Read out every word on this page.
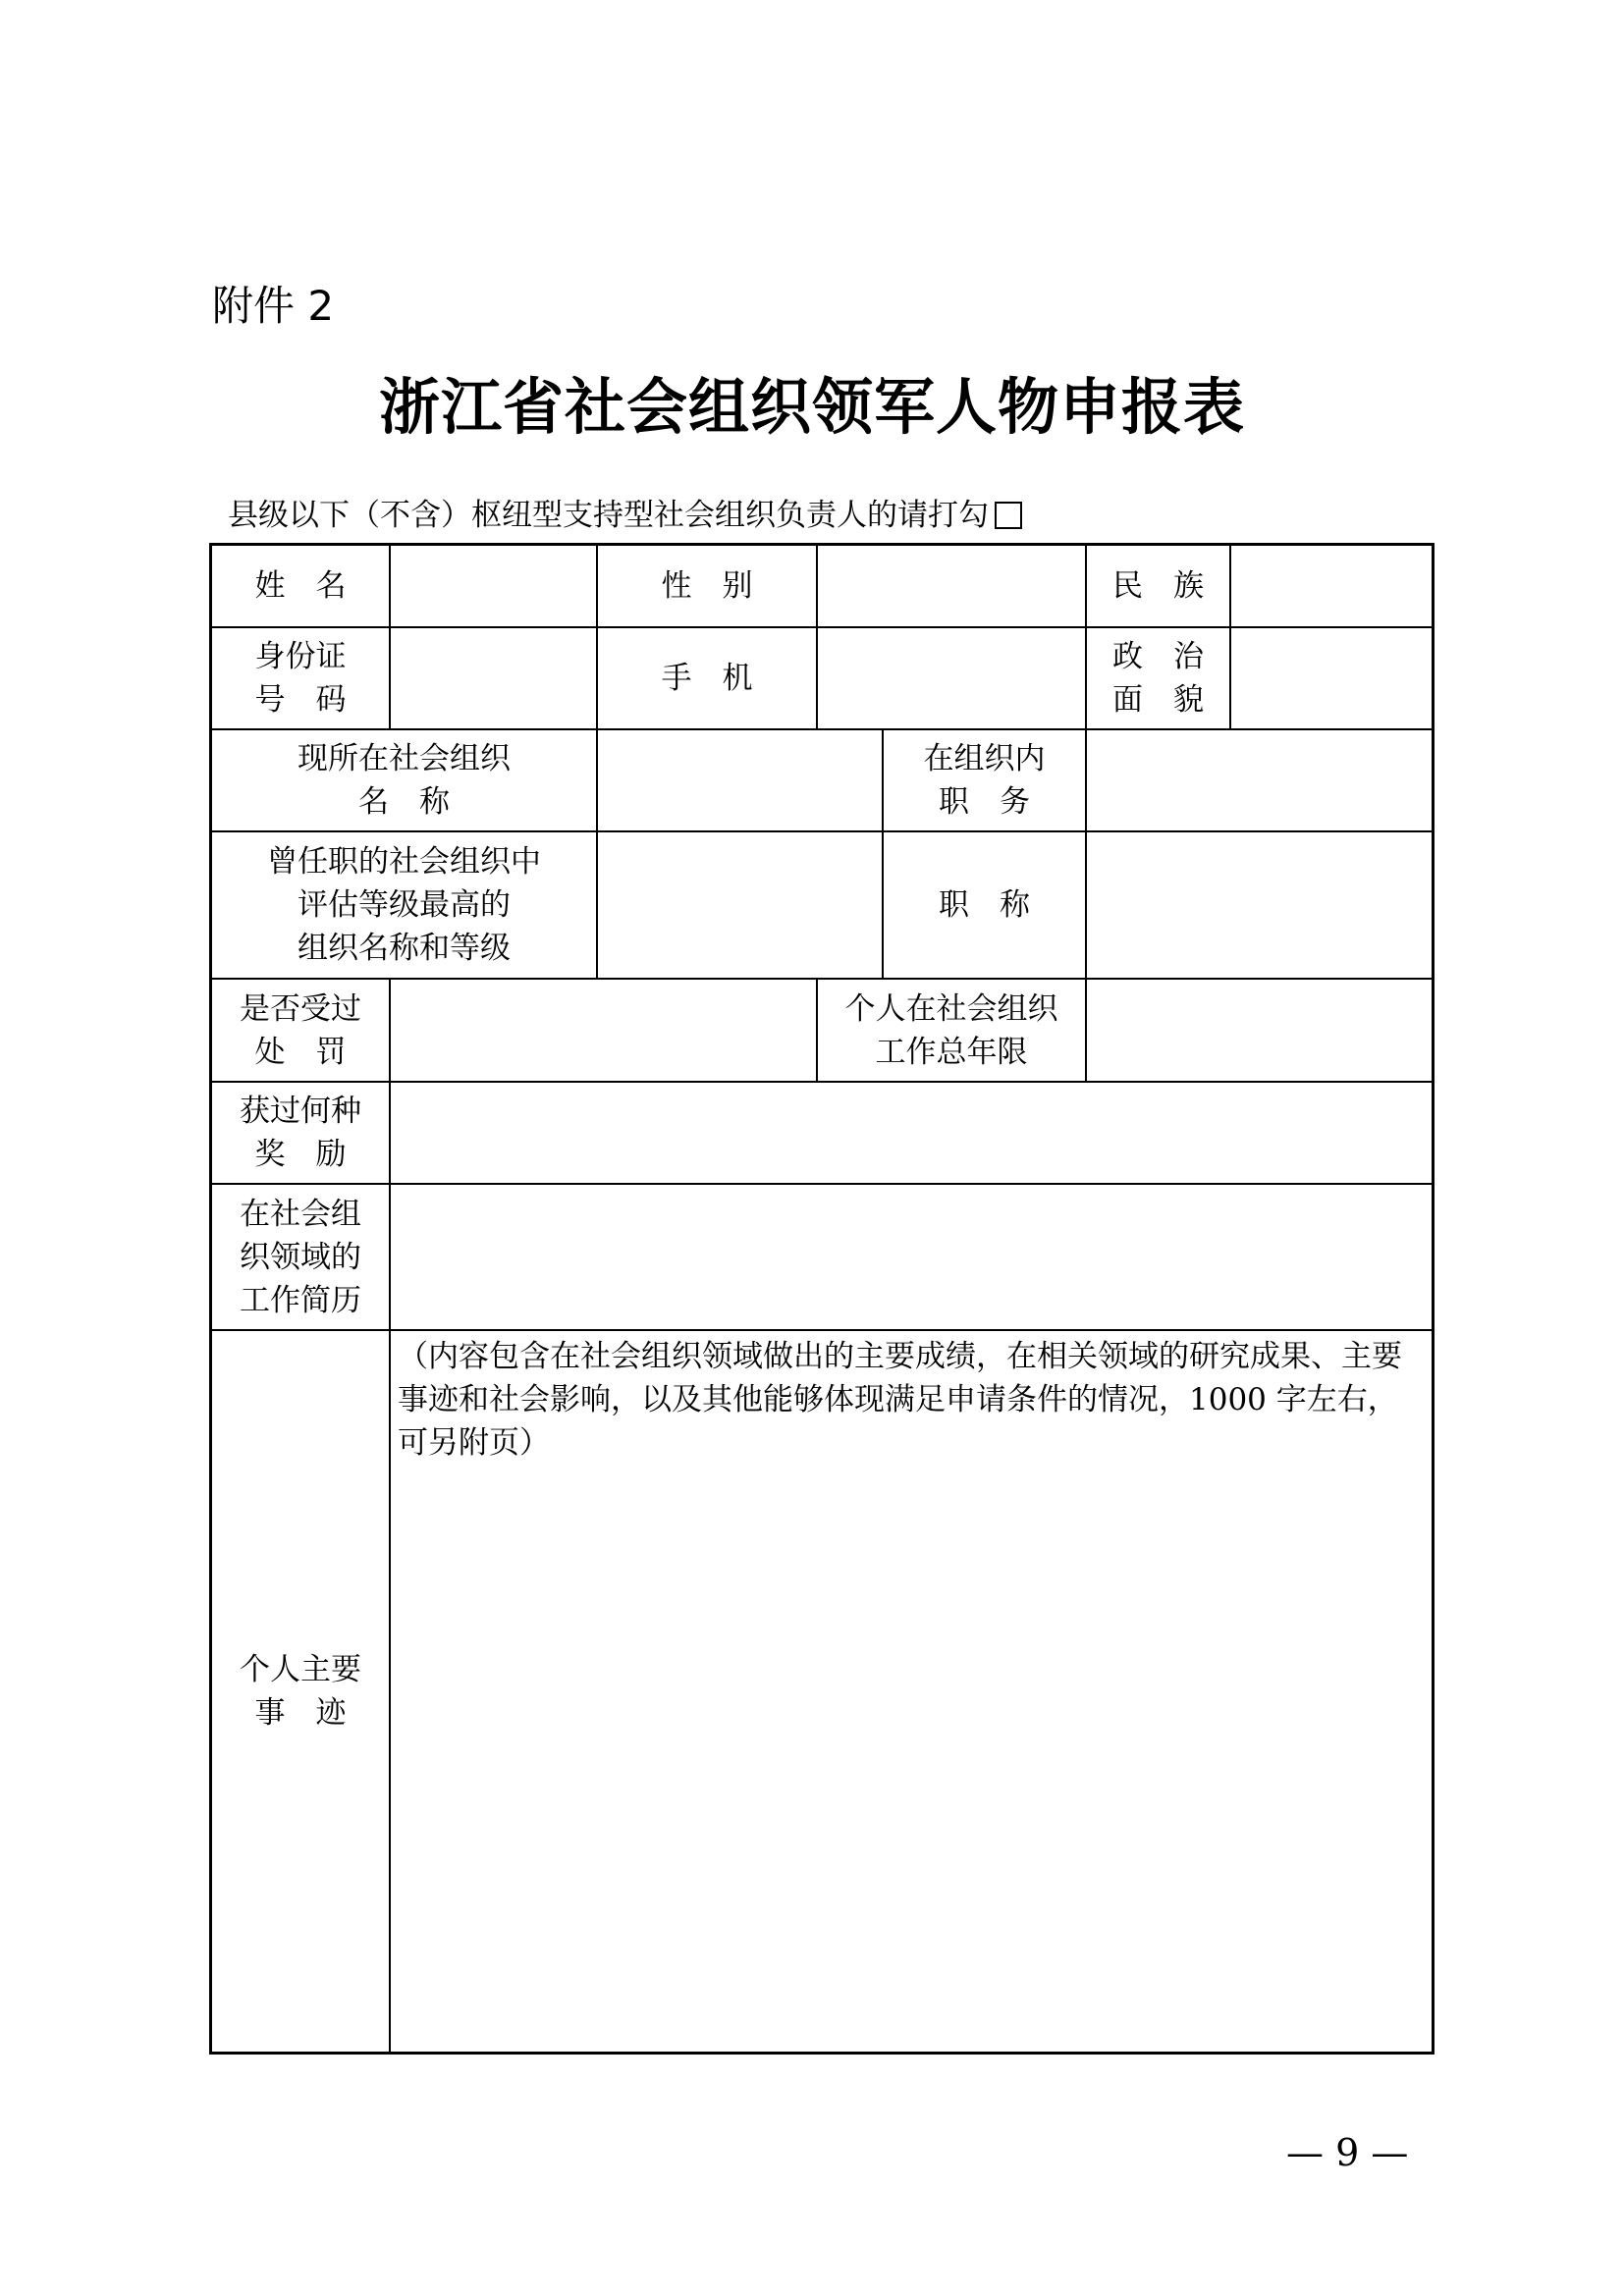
附件 2
浙江省社会组织领军人物申报表
县级以下（不含）枢纽型支持型社会组织负责人的请打勾
姓　名	性　别	民　族
身份证
号　码
手　机
政　治
面　貌
现所在社会组织
名　称
在组织内
职　务
曾任职的社会组织中
评估等级最高的
组织名称和等级
职　称
是否受过
处　罚
个人在社会组织
工作总年限
获过何种
奖　励
在社会组
织领域的
工作简历
个人主要
事　迹
（内容包含在社会组织领域做出的主要成绩，在相关领域的研究成果、主要事迹和社会影响，以及其他能够体现满足申请条件的情况，1000 字左右，可另附页）
— 9 —
